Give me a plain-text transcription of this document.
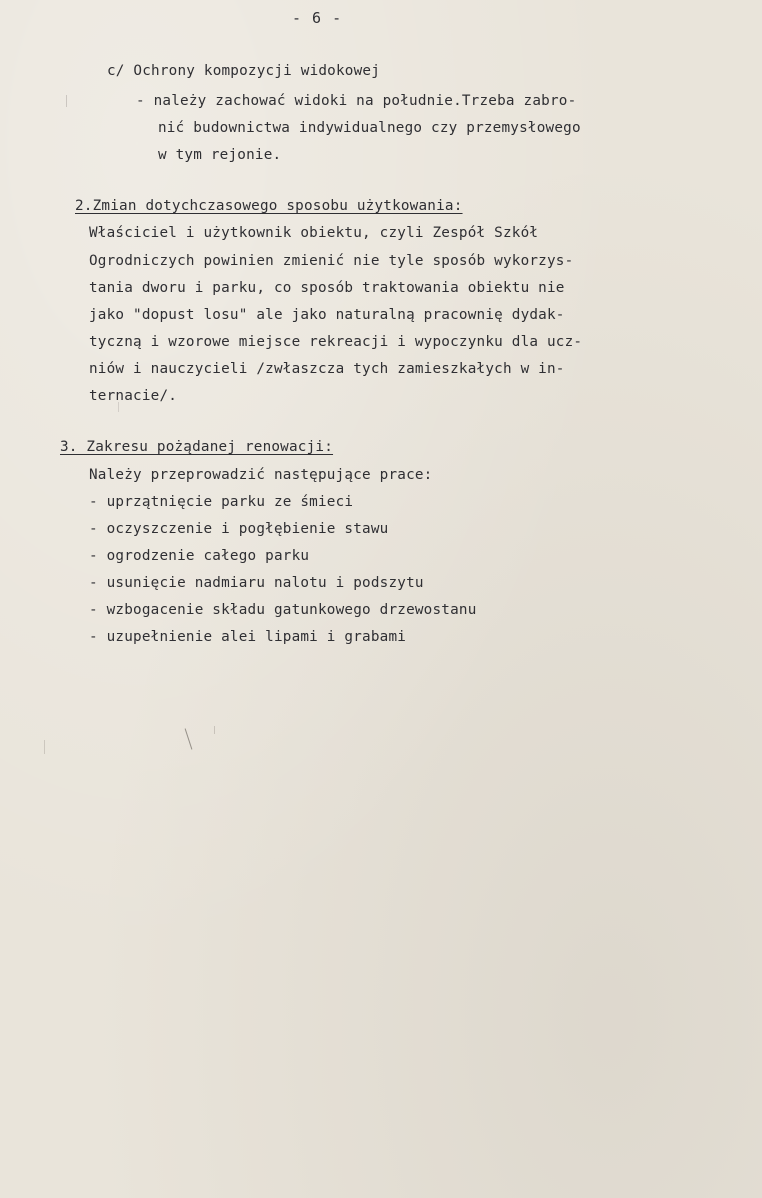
- 6 -
c/ Ochrony kompozycji widokowej
- należy zachować widoki na południe.Trzeba zabro-
nić budownictwa indywidualnego czy przemysłowego
w tym rejonie.
2.Zmian dotychczasowego sposobu użytkowania:
Właściciel i użytkownik obiektu, czyli Zespół Szkół
Ogrodniczych powinien zmienić nie tyle sposób wykorzys-
tania dworu i parku, co sposób traktowania obiektu nie
jako "dopust losu" ale jako naturalną pracownię dydak-
tyczną i wzorowe miejsce rekreacji i wypoczynku dla ucz-
niów i nauczycieli /zwłaszcza tych zamieszkałych w in-
ternacie/.
3. Zakresu pożądanej renowacji:
Należy przeprowadzić następujące prace:
- uprzątnięcie parku ze śmieci
- oczyszczenie i pogłębienie stawu
- ogrodzenie całego parku
- usunięcie nadmiaru nalotu i podszytu
- wzbogacenie składu gatunkowego drzewostanu
- uzupełnienie alei lipami i grabami
